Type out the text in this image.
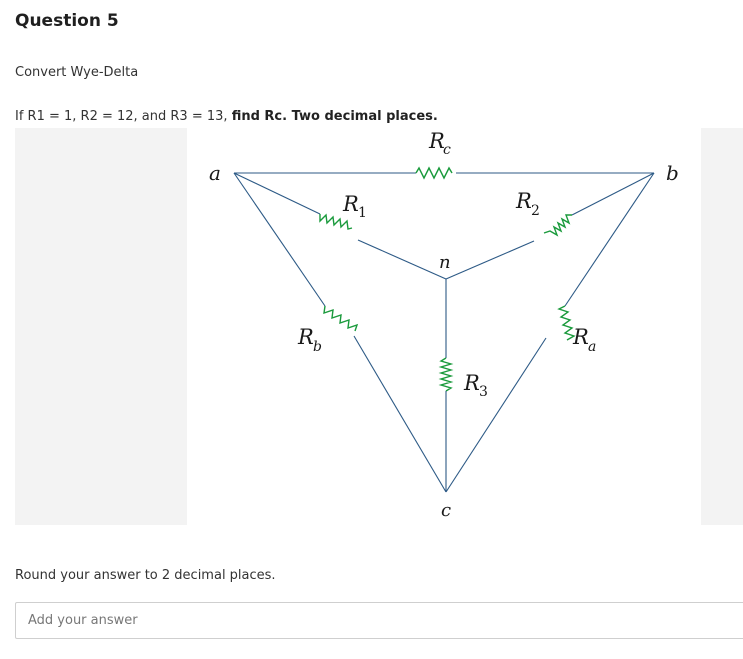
Question 5
Convert Wye-Delta
If R1 = 1, R2 = 12, and R3 = 13, find Rc. Two decimal places.
a	b
c
n
R
c
R 1	R 2
R b	R a
R 3
Round your answer to 2 decimal places.
Add your answer
